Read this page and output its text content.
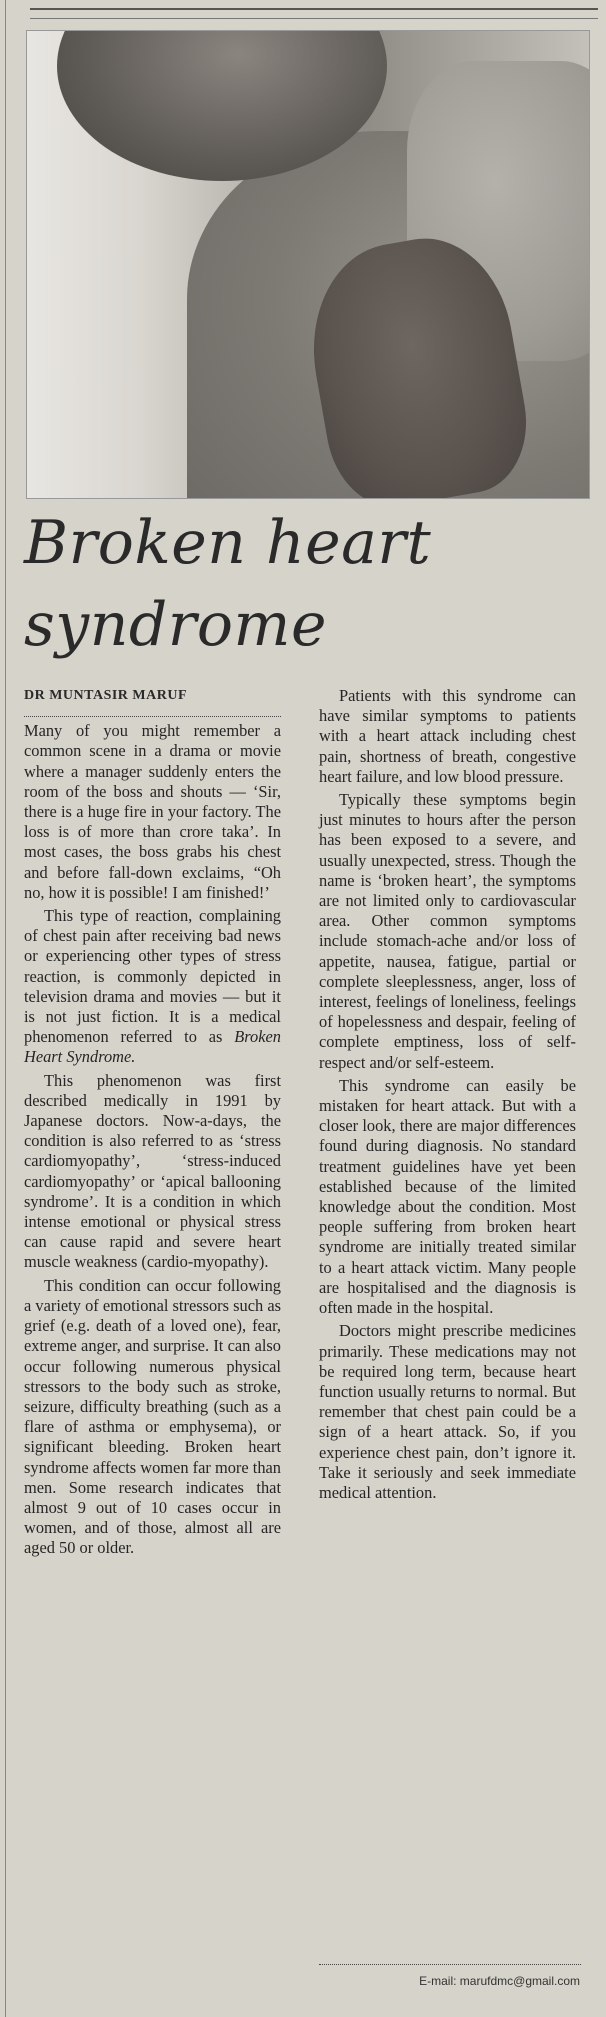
Broken heart
syndrome
DR MUNTASIR MARUF

Many of you might remember a common scene in a drama or movie where a manager suddenly enters the room of the boss and shouts — ‘Sir, there is a huge fire in your factory. The loss is of more than crore taka’. In most cases, the boss grabs his chest and before fall-down exclaims, “Oh no, how it is possible! I am finished!’

This type of reaction, complaining of chest pain after receiving bad news or experiencing other types of stress reaction, is commonly depicted in television drama and movies — but it is not just fiction. It is a medical phenomenon referred to as Broken Heart Syndrome.

This phenomenon was first described medically in 1991 by Japanese doctors. Now-a-days, the condition is also referred to as ‘stress cardiomyopathy’, ‘stress-induced cardiomyopathy’ or ‘apical ballooning syndrome’. It is a condition in which intense emotional or physical stress can cause rapid and severe heart muscle weakness (cardio-myopathy).

This condition can occur following a variety of emotional stressors such as grief (e.g. death of a loved one), fear, extreme anger, and surprise. It can also occur following numerous physical stressors to the body such as stroke, seizure, difficulty breathing (such as a flare of asthma or emphysema), or significant bleeding. Broken heart syndrome affects women far more than men. Some research indicates that almost 9 out of 10 cases occur in women, and of those, almost all are aged 50 or older.

Patients with this syndrome can have similar symptoms to patients with a heart attack including chest pain, shortness of breath, congestive heart failure, and low blood pressure.

Typically these symptoms begin just minutes to hours after the person has been exposed to a severe, and usually unexpected, stress. Though the name is ‘broken heart’, the symptoms are not limited only to cardiovascular area. Other common symptoms include stomach-ache and/or loss of appetite, nausea, fatigue, partial or complete sleeplessness, anger, loss of interest, feelings of loneliness, feelings of hopelessness and despair, feeling of complete emptiness, loss of self-respect and/or self-esteem.

This syndrome can easily be mistaken for heart attack. But with a closer look, there are major differences found during diagnosis. No standard treatment guidelines have yet been established because of the limited knowledge about the condition. Most people suffering from broken heart syndrome are initially treated similar to a heart attack victim. Many people are hospitalised and the diagnosis is often made in the hospital.

Doctors might prescribe medicines primarily. These medications may not be required long term, because heart function usually returns to normal. But remember that chest pain could be a sign of a heart attack. So, if you experience chest pain, don’t ignore it. Take it seriously and seek immediate medical attention.

E-mail: marufdmc@gmail.com
